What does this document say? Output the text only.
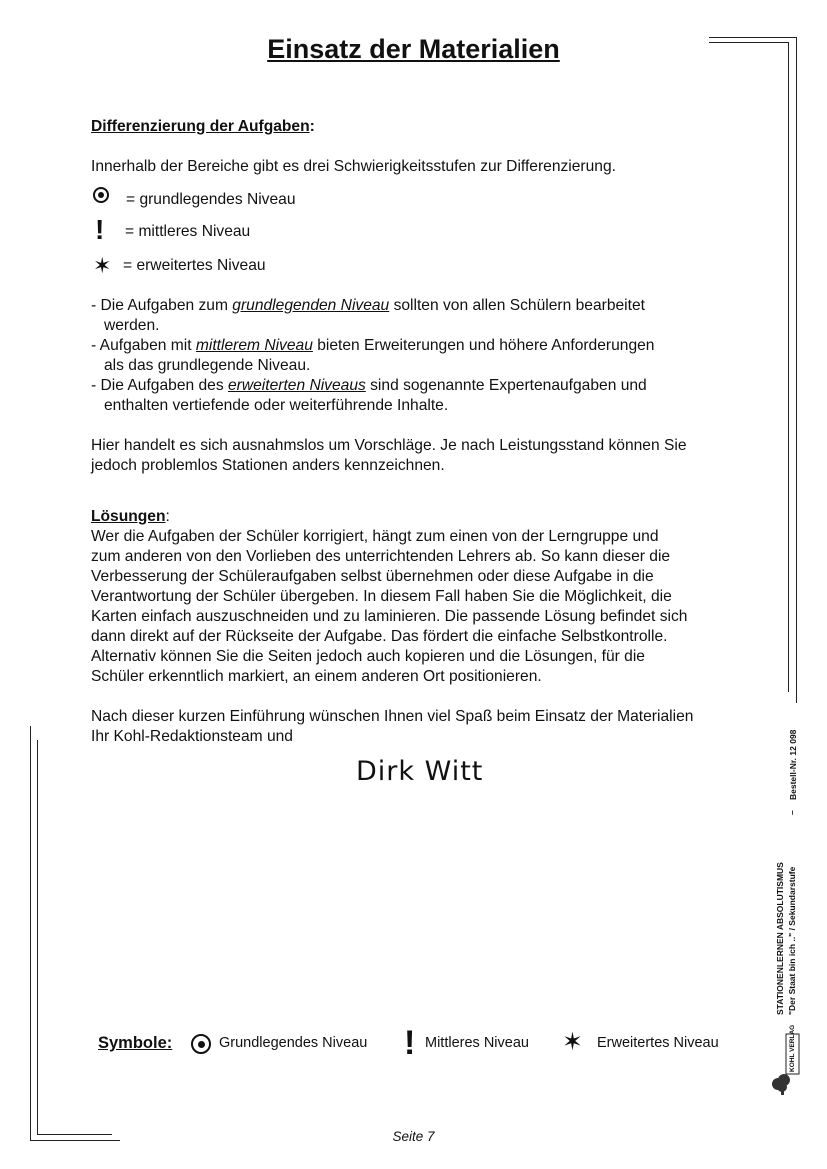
Einsatz der Materialien
Differenzierung der Aufgaben:
Innerhalb der Bereiche gibt es drei Schwierigkeitsstufen zur Differenzierung.
= grundlegendes Niveau
! = mittleres Niveau
✶ = erweitertes Niveau
- Die Aufgaben zum grundlegenden Niveau sollten von allen Schülern bearbeitet
werden.
- Aufgaben mit mittlerem Niveau bieten Erweiterungen und höhere Anforderungen
als das grundlegende Niveau.
- Die Aufgaben des erweiterten Niveaus sind sogenannte Expertenaufgaben und
enthalten vertiefende oder weiterführende Inhalte.
Hier handelt es sich ausnahmslos um Vorschläge. Je nach Leistungsstand können Sie
jedoch problemlos Stationen anders kennzeichnen.
Lösungen:
Wer die Aufgaben der Schüler korrigiert, hängt zum einen von der Lerngruppe und
zum anderen von den Vorlieben des unterrichtenden Lehrers ab. So kann dieser die
Verbesserung der Schüleraufgaben selbst übernehmen oder diese Aufgabe in die
Verantwortung der Schüler übergeben. In diesem Fall haben Sie die Möglichkeit, die
Karten einfach auszuschneiden und zu laminieren. Die passende Lösung befindet sich
dann direkt auf der Rückseite der Aufgabe. Das fördert die einfache Selbstkontrolle.
Alternativ können Sie die Seiten jedoch auch kopieren und die Lösungen, für die
Schüler erkenntlich markiert, an einem anderen Ort positionieren.
Nach dieser kurzen Einführung wünschen Ihnen viel Spaß beim Einsatz der Materialien
Ihr Kohl-Redaktionsteam und
Dirk Witt
Symbole:	Grundlegendes Niveau ! Mittleres Niveau ✶ Erweitertes Niveau
STATIONENLERNEN ABSOLUTISMUS "Der Staat bin ich .." / Sekundarstufe
–
Bestell-Nr. 12 098
KOHL VERLAG
Seite 7
